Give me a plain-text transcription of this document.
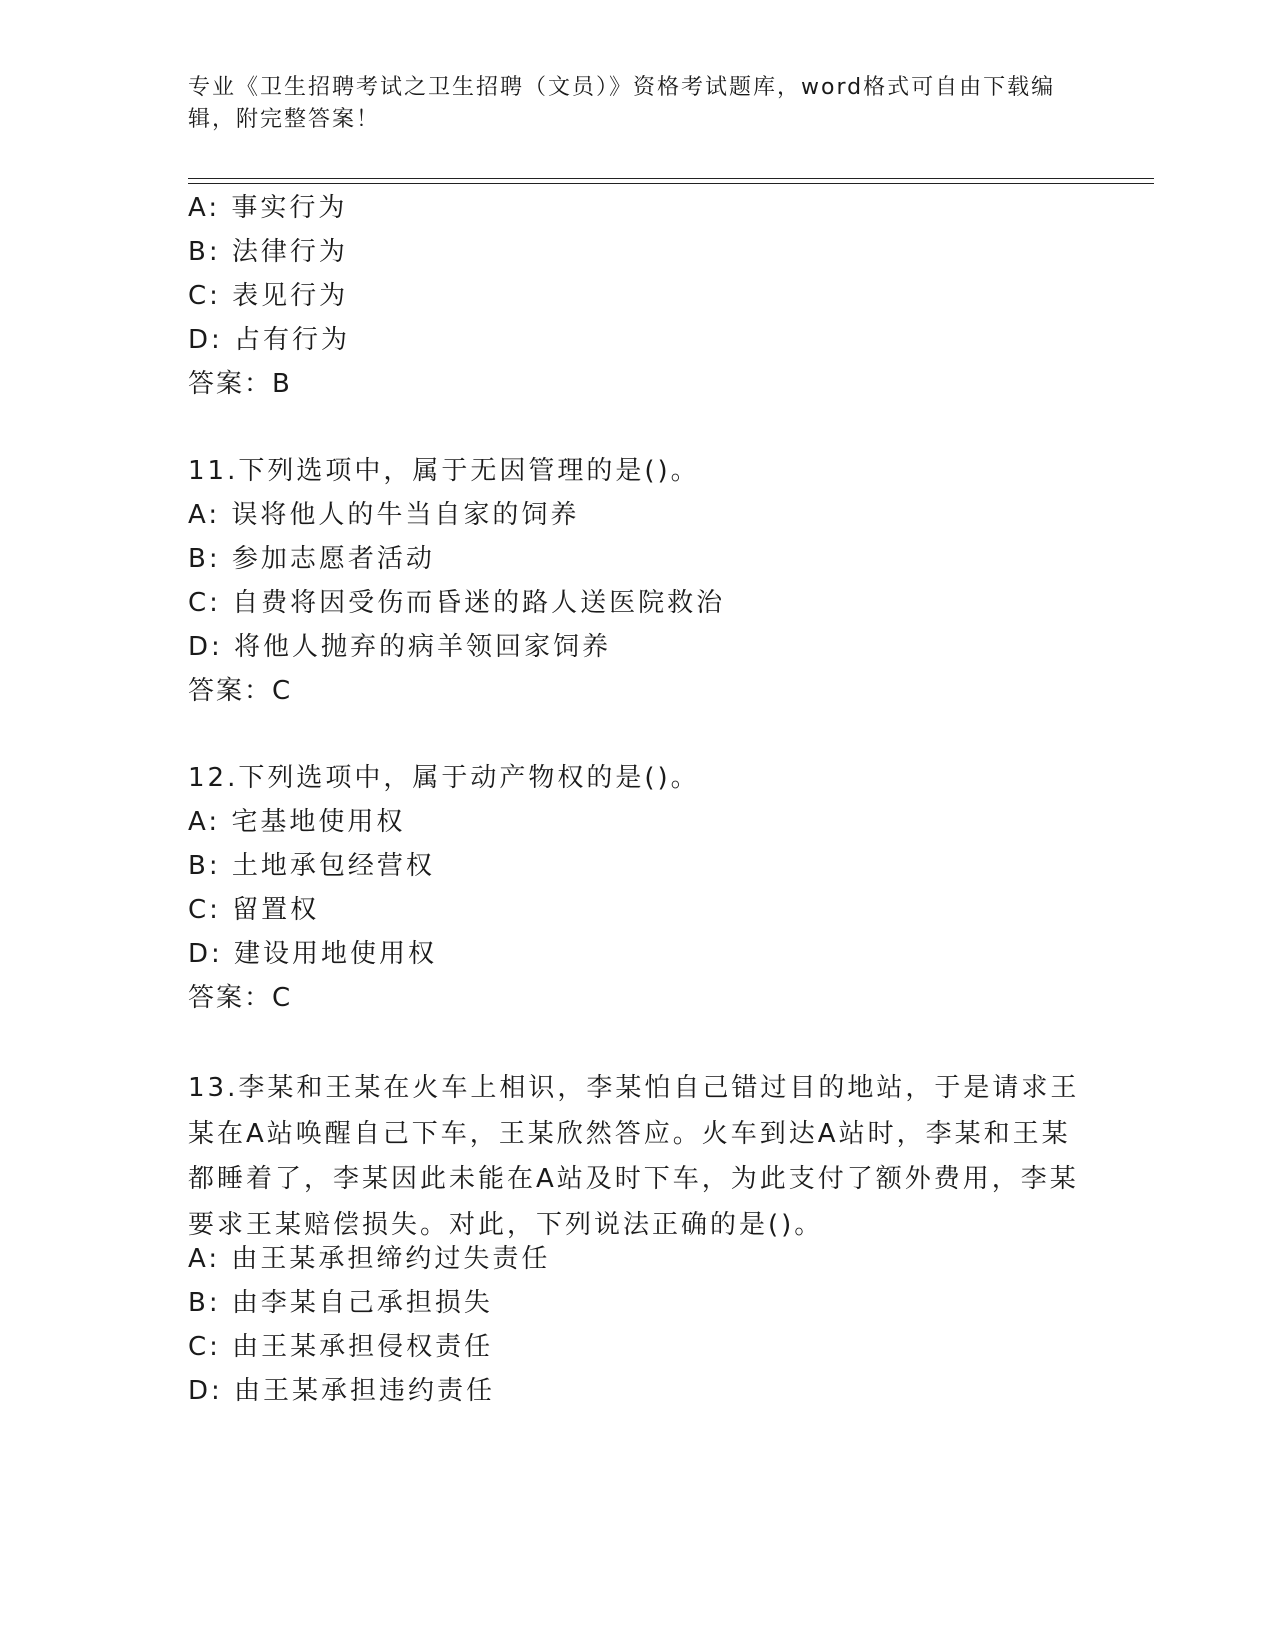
专业《卫生招聘考试之卫生招聘（文员）》资格考试题库，word格式可自由下载编辑，附完整答案！
A: 事实行为
B: 法律行为
C: 表见行为
D: 占有行为
答案：B
11.下列选项中，属于无因管理的是()。
A: 误将他人的牛当自家的饲养
B: 参加志愿者活动
C: 自费将因受伤而昏迷的路人送医院救治
D: 将他人抛弃的病羊领回家饲养
答案：C
12.下列选项中，属于动产物权的是()。
A: 宅基地使用权
B: 土地承包经营权
C: 留置权
D: 建设用地使用权
答案：C
13.李某和王某在火车上相识，李某怕自己错过目的地站，于是请求王某在A站唤醒自己下车，王某欣然答应。火车到达A站时，李某和王某都睡着了，李某因此未能在A站及时下车，为此支付了额外费用，李某要求王某赔偿损失。对此，下列说法正确的是()。
A: 由王某承担缔约过失责任
B: 由李某自己承担损失
C: 由王某承担侵权责任
D: 由王某承担违约责任
